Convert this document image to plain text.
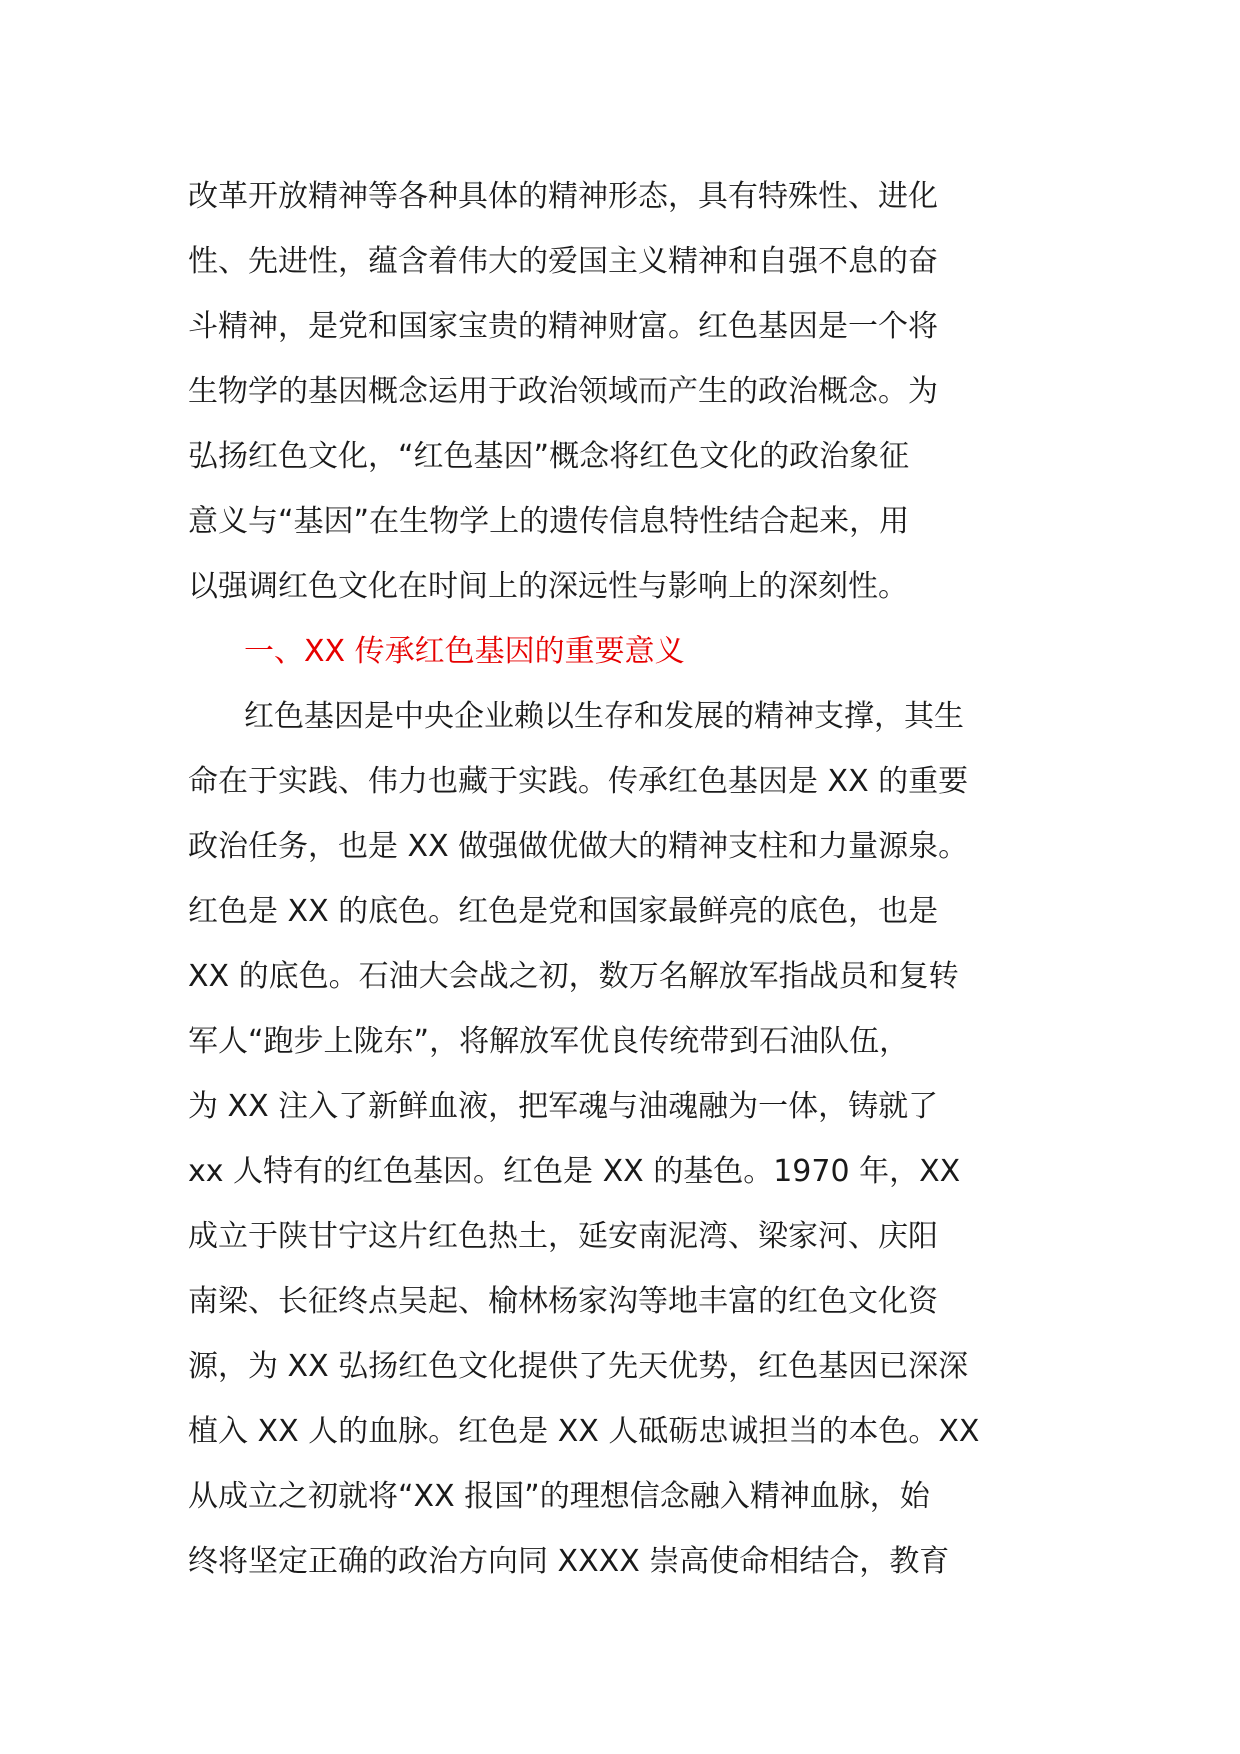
改革开放精神等各种具体的精神形态，具有特殊性、进化
性、先进性，蕴含着伟大的爱国主义精神和自强不息的奋
斗精神，是党和国家宝贵的精神财富。红色基因是一个将
生物学的基因概念运用于政治领域而产生的政治概念。为
弘扬红色文化，“红色基因”概念将红色文化的政治象征
意义与“基因”在生物学上的遗传信息特性结合起来，用
以强调红色文化在时间上的深远性与影响上的深刻性。
一、XX 传承红色基因的重要意义
红色基因是中央企业赖以生存和发展的精神支撑，其生
命在于实践、伟力也藏于实践。传承红色基因是 XX 的重要
政治任务，也是 XX 做强做优做大的精神支柱和力量源泉。
红色是 XX 的底色。红色是党和国家最鲜亮的底色，也是
XX 的底色。石油大会战之初，数万名解放军指战员和复转
军人“跑步上陇东”，将解放军优良传统带到石油队伍，
为 XX 注入了新鲜血液，把军魂与油魂融为一体，铸就了
xx 人特有的红色基因。红色是 XX 的基色。1970 年，XX
成立于陕甘宁这片红色热土，延安南泥湾、梁家河、庆阳
南梁、长征终点吴起、榆林杨家沟等地丰富的红色文化资
源，为 XX 弘扬红色文化提供了先天优势，红色基因已深深
植入 XX 人的血脉。红色是 XX 人砥砺忠诚担当的本色。XX
从成立之初就将“XX 报国”的理想信念融入精神血脉，始
终将坚定正确的政治方向同 XXXX 崇高使命相结合，教育
